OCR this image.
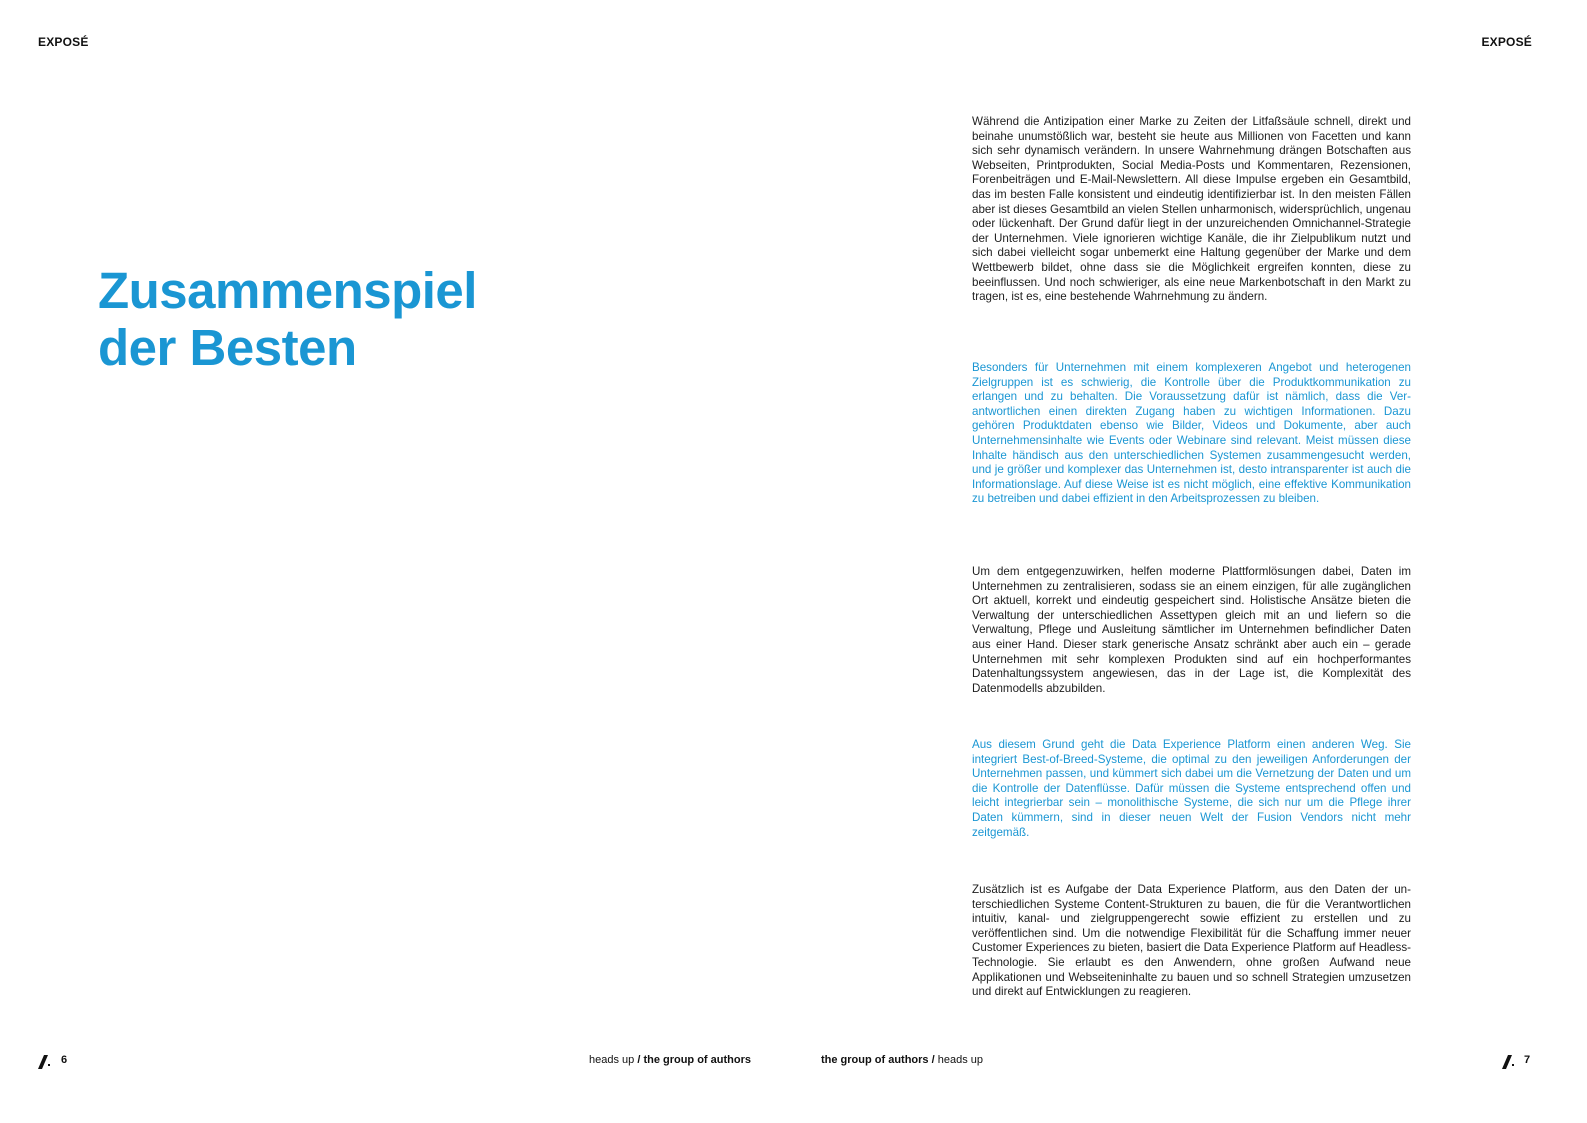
EXPOSÉ	EXPOSÉ
Zusammenspiel
der Besten

Während die Antizipation einer Marke zu Zeiten der Litfaßsäule schnell, direkt und beinahe unumstößlich war, besteht sie heute aus Millionen von Facetten und kann sich sehr dynamisch verändern. In unsere Wahrnehmung drängen Botschaften aus Webseiten, Printprodukten, Social Media-Posts und Kommentaren, Rezensionen, Forenbeiträgen und E-Mail-Newslettern. All diese Impulse ergeben ein Gesamtbild, das im besten Falle konsistent und eindeutig identifizierbar ist. In den meisten Fällen aber ist dieses Gesamtbild an vielen Stellen unharmonisch, widersprüchlich, ungenau oder lückenhaft. Der Grund dafür liegt in der unzureichenden Omnichannel-Strategie der Unternehmen. Viele ignorieren wichtige Kanäle, die ihr Zielpublikum nutzt und sich dabei vielleicht sogar unbemerkt eine Haltung gegenüber der Marke und dem Wettbewerb bildet, ohne dass sie die Möglichkeit ergreifen konnten, diese zu beeinflussen. Und noch schwieriger, als eine neue Markenbotschaft in den Markt zu tragen, ist es, eine bestehende Wahrnehmung zu ändern.

Besonders für Unternehmen mit einem komplexeren Angebot und heterogenen Zielgruppen ist es schwierig, die Kontrolle über die Produktkommunikation zu erlangen und zu behalten. Die Voraussetzung dafür ist nämlich, dass die Verantwortlichen einen direkten Zugang haben zu wichtigen Informationen. Dazu gehören Produktdaten ebenso wie Bilder, Videos und Dokumente, aber auch Unternehmensinhalte wie Events oder Webinare sind relevant. Meist müssen diese Inhalte händisch aus den unterschiedlichen Systemen zusammengesucht werden, und je größer und komplexer das Unternehmen ist, desto intransparenter ist auch die Informationslage. Auf diese Weise ist es nicht möglich, eine effektive Kommunikation zu betreiben und dabei effizient in den Arbeitsprozessen zu bleiben.

Um dem entgegenzuwirken, helfen moderne Plattformlösungen dabei, Daten im Unternehmen zu zentralisieren, sodass sie an einem einzigen, für alle zugänglichen Ort aktuell, korrekt und eindeutig gespeichert sind. Holistische Ansätze bieten die Verwaltung der unterschiedlichen Assettypen gleich mit an und liefern so die Verwaltung, Pflege und Ausleitung sämtlicher im Unternehmen befindlicher Daten aus einer Hand. Dieser stark generische Ansatz schränkt aber auch ein – gerade Unternehmen mit sehr komplexen Produkten sind auf ein hochperformantes Datenhaltungssystem angewiesen, das in der Lage ist, die Komplexität des Datenmodells abzubilden.

Aus diesem Grund geht die Data Experience Platform einen anderen Weg. Sie integriert Best-of-Breed-Systeme, die optimal zu den jeweiligen Anforderungen der Unternehmen passen, und kümmert sich dabei um die Vernetzung der Daten und um die Kontrolle der Datenflüsse. Dafür müssen die Systeme entsprechend offen und leicht integrierbar sein – monolithische Systeme, die sich nur um die Pflege ihrer Daten kümmern, sind in dieser neuen Welt der Fusion Vendors nicht mehr zeitgemäß.

Zusätzlich ist es Aufgabe der Data Experience Platform, aus den Daten der unterschiedlichen Systeme Content-Strukturen zu bauen, die für die Verantwortlichen intuitiv, kanal- und zielgruppengerecht sowie effizient zu erstellen und zu veröffentlichen sind. Um die notwendige Flexibilität für die Schaffung immer neuer Customer Experiences zu bieten, basiert die Data Experience Platform auf Headless-Technologie. Sie erlaubt es den Anwendern, ohne großen Aufwand neue Applikationen und Webseiteninhalte zu bauen und so schnell Strategien umzusetzen und direkt auf Entwicklungen zu reagieren.

6	heads up / the group of authors	the group of authors / heads up	7
